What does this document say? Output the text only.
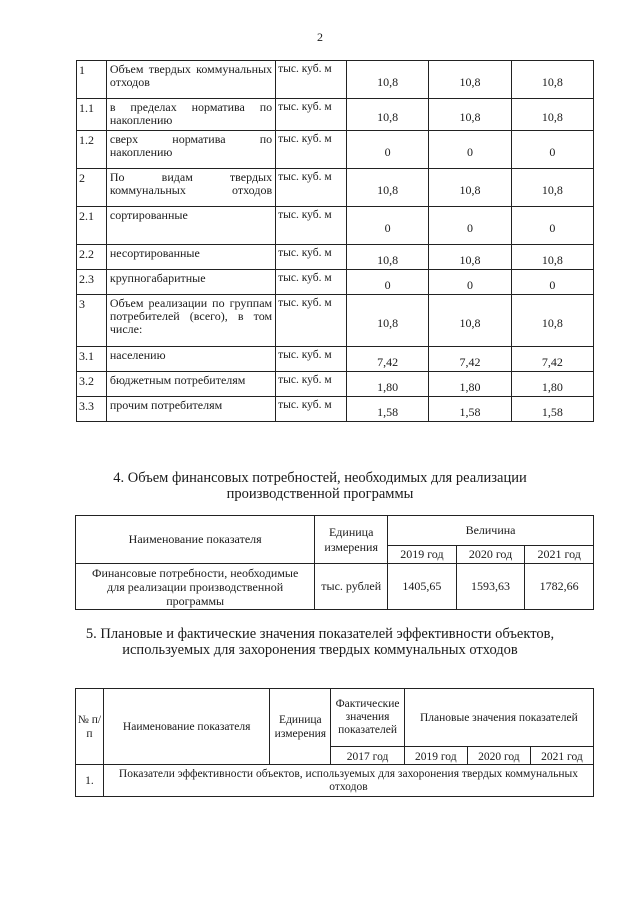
2
1	Объем твердых коммунальных отходов	тыс. куб. м	10,8	10,8	10,8
1.1	в пределах норматива по накоплению	тыс. куб. м	10,8	10,8	10,8
1.2	сверх норматива по накоплению	тыс. куб. м	0	0	0
2	По видам твердых коммунальных отходов	тыс. куб. м	10,8	10,8	10,8
2.1	сортированные	тыс. куб. м	0	0	0
2.2	несортированные	тыс. куб. м	10,8	10,8	10,8
2.3	крупногабаритные	тыс. куб. м	0	0	0
3	Объем реализации по группам потребителей (всего), в том числе:	тыс. куб. м	10,8	10,8	10,8
3.1	населению	тыс. куб. м	7,42	7,42	7,42
3.2	бюджетным потребителям	тыс. куб. м	1,80	1,80	1,80
3.3	прочим потребителям	тыс. куб. м	1,58	1,58	1,58
4. Объем финансовых потребностей, необходимых для реализации
производственной программы
Наименование показателя	Единица измерения	Величина		
		2019 год	2020 год	2021 год
Финансовые потребности, необходимые для реализации производственной программы	тыс. рублей	1405,65	1593,63	1782,66
5. Плановые и фактические значения показателей эффективности объектов,
используемых для захоронения твердых коммунальных отходов
№ п/п	Наименование показателя	Единица измерения	Фактические значения показателей	Плановые значения показателей		
			2017 год	2019 год	2020 год	2021 год
1.	Показатели эффективности объектов, используемых для захоронения твердых коммунальных отходов					
